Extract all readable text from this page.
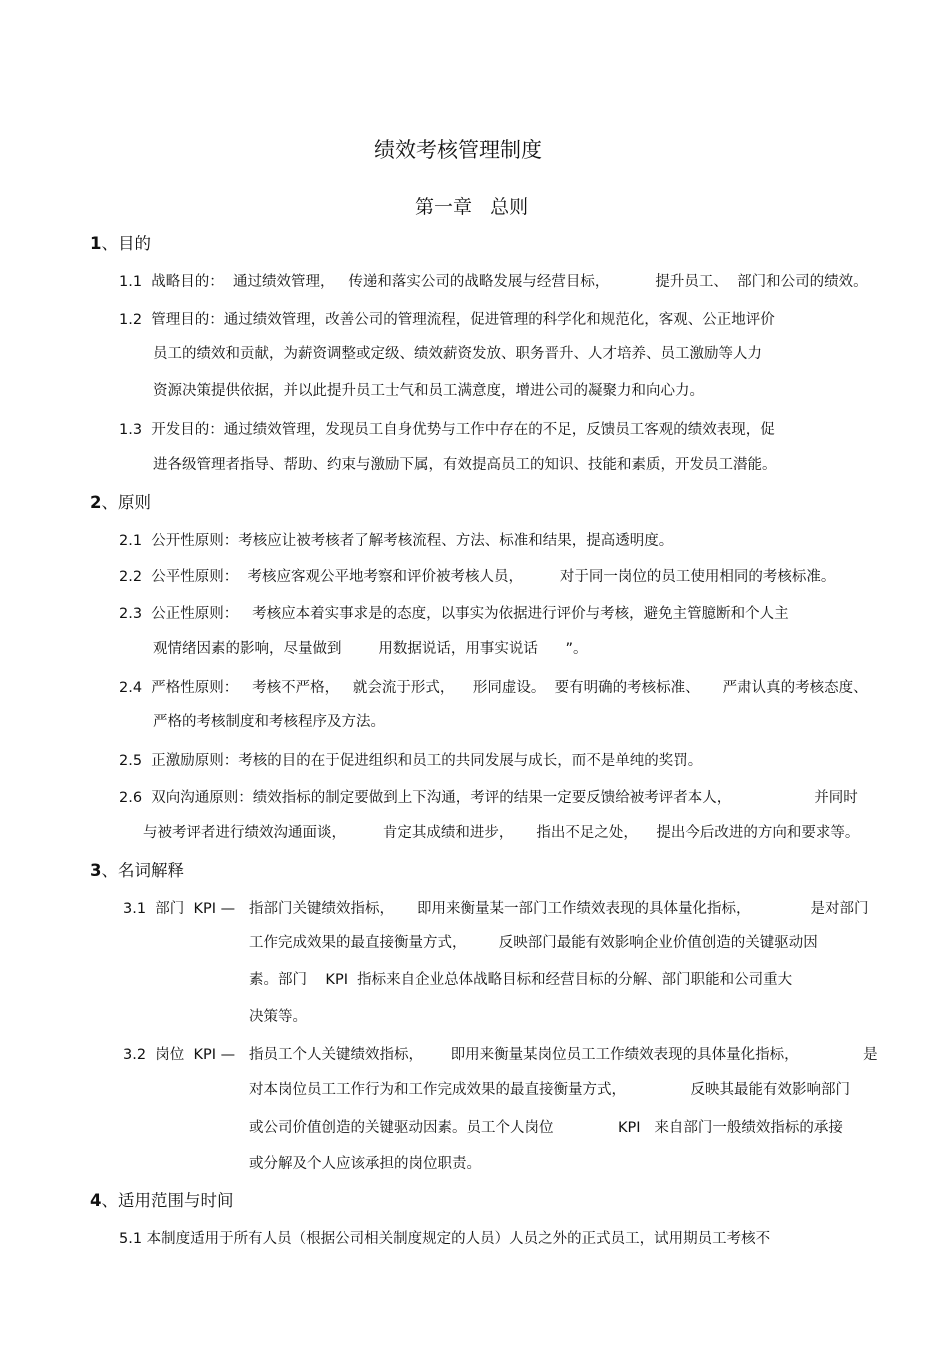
绩效考核管理制度
第一章   总则
1、目的
1.1  战略目的：  通过绩效管理，   传递和落实公司的战略发展与经营目标，          提升员工、  部门和公司的绩效。
1.2  管理目的：通过绩效管理，改善公司的管理流程，促进管理的科学化和规范化，客观、公正地评价
员工的绩效和贡献，为薪资调整或定级、绩效薪资发放、职务晋升、人才培养、员工激励等人力
资源决策提供依据，并以此提升员工士气和员工满意度，增进公司的凝聚力和向心力。
1.3  开发目的：通过绩效管理，发现员工自身优势与工作中存在的不足，反馈员工客观的绩效表现，促
进各级管理者指导、帮助、约束与激励下属，有效提高员工的知识、技能和素质，开发员工潜能。
2、原则
2.1  公开性原则：考核应让被考核者了解考核流程、方法、标准和结果，提高透明度。
2.2  公平性原则：  考核应客观公平地考察和评价被考核人员，        对于同一岗位的员工使用相同的考核标准。
2.3  公正性原则：   考核应本着实事求是的态度，以事实为依据进行评价与考核，避免主管臆断和个人主
观情绪因素的影响，尽量做到        用数据说话，用事实说话      ”。
2.4  严格性原则：   考核不严格，   就会流于形式，    形同虚设。  要有明确的考核标准、     严肃认真的考核态度、
严格的考核制度和考核程序及方法。
2.5  正激励原则：考核的目的在于促进组织和员工的共同发展与成长，而不是单纯的奖罚。
2.6  双向沟通原则：绩效指标的制定要做到上下沟通，考评的结果一定要反馈给被考评者本人，                  并同时
与被考评者进行绩效沟通面谈，        肯定其成绩和进步，     指出不足之处，    提出今后改进的方向和要求等。
3、名词解释
3.1  部门  KPI — 指部门关键绩效指标，     即用来衡量某一部门工作绩效表现的具体量化指标，             是对部门
工作完成效果的最直接衡量方式，       反映部门最能有效影响企业价值创造的关键驱动因
素。部门    KPI  指标来自企业总体战略目标和经营目标的分解、部门职能和公司重大
决策等。
3.2  岗位  KPI — 指员工个人关键绩效指标，      即用来衡量某岗位员工工作绩效表现的具体量化指标，              是
对本岗位员工工作行为和工作完成效果的最直接衡量方式，              反映其最能有效影响部门
或公司价值创造的关键驱动因素。员工个人岗位              KPI   来自部门一般绩效指标的承接
或分解及个人应该承担的岗位职责。
4、适用范围与时间
5.1 本制度适用于所有人员（根据公司相关制度规定的人员）人员之外的正式员工，试用期员工考核不
